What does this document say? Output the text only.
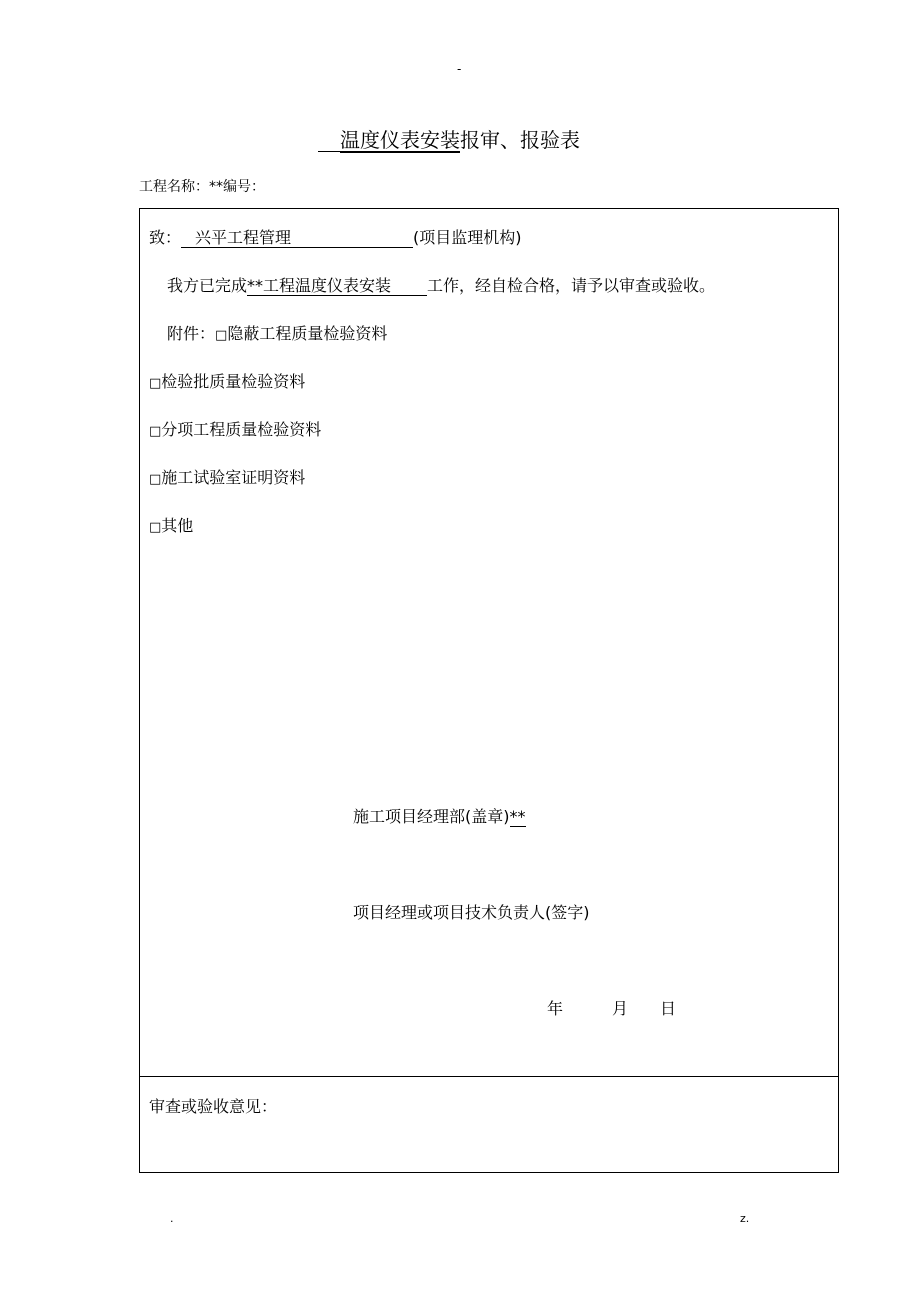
-
温度仪表安装报审、报验表
工程名称：**编号：
致： 兴平工程管理	(项目监理机构)
我方已完成**工程温度仪表安装 工作，经自检合格，请予以审查或验收。
附件：□隐蔽工程质量检验资料
□检验批质量检验资料
□分项工程质量检验资料
□施工试验室证明资料
□其他
施工项目经理部(盖章)**
项目经理或项目技术负责人(签字)
年	月 日
审查或验收意见：
.	z.
